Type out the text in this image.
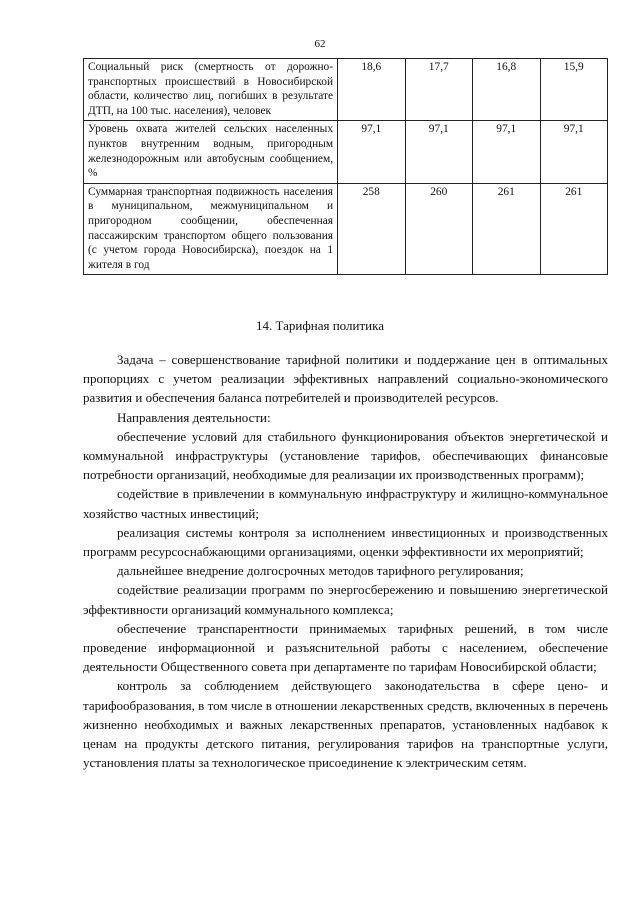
62
Социальный риск (смертность от дорожно-транспортных происшествий в Новосибирской области, количество лиц, погибших в результате ДТП, на 100 тыс. населения), человек	18,6	17,7	16,8	15,9
Уровень охвата жителей сельских населенных пунктов внутренним водным, пригородным железнодорожным или автобусным сообщением, %	97,1	97,1	97,1	97,1
Суммарная транспортная подвижность населения в муниципальном, межмуниципальном и пригородном сообщении, обеспеченная пассажирским транспортом общего пользования (с учетом города Новосибирска), поездок на 1 жителя в год	258	260	261	261
14. Тарифная политика

Задача – совершенствование тарифной политики и поддержание цен в оптимальных пропорциях с учетом реализации эффективных направлений социально-экономического развития и обеспечения баланса потребителей и производителей ресурсов.

Направления деятельности:

обеспечение условий для стабильного функционирования объектов энергетической и коммунальной инфраструктуры (установление тарифов, обеспечивающих финансовые потребности организаций, необходимые для реализации их производственных программ);

содействие в привлечении в коммунальную инфраструктуру и жилищно-коммунальное хозяйство частных инвестиций;

реализация системы контроля за исполнением инвестиционных и производственных программ ресурсоснабжающими организациями, оценки эффективности их мероприятий;

дальнейшее внедрение долгосрочных методов тарифного регулирования;

содействие реализации программ по энергосбережению и повышению энергетической эффективности организаций коммунального комплекса;

обеспечение транспарентности принимаемых тарифных решений, в том числе проведение информационной и разъяснительной работы с населением, обеспечение деятельности Общественного совета при департаменте по тарифам Новосибирской области;

контроль за соблюдением действующего законодательства в сфере цено- и тарифообразования, в том числе в отношении лекарственных средств, включенных в перечень жизненно необходимых и важных лекарственных препаратов, установленных надбавок к ценам на продукты детского питания, регулирования тарифов на транспортные услуги, установления платы за технологическое присоединение к электрическим сетям.
